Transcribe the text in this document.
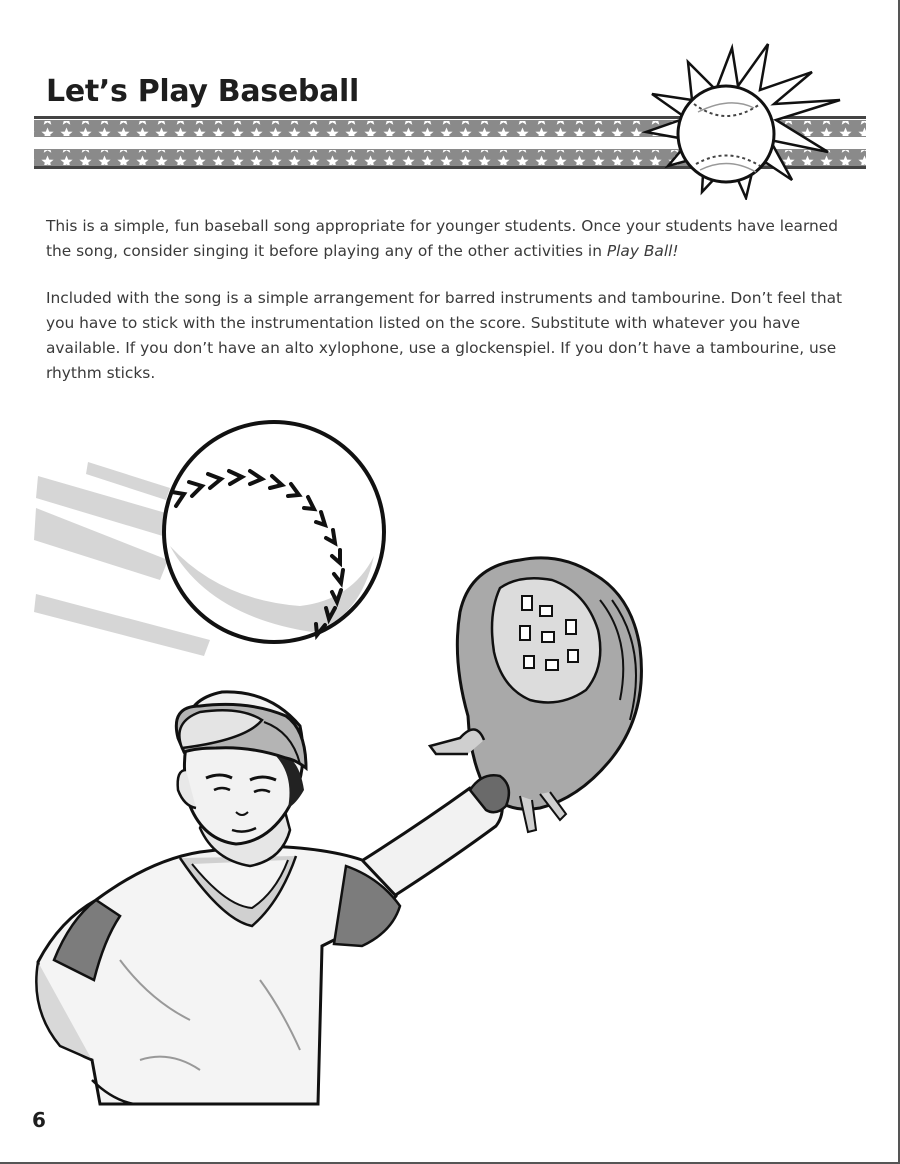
Let’s Play Baseball

This is a simple, fun baseball song appropriate for younger students. Once your students have learned the song, consider singing it before playing any of the other activities in Play Ball!

Included with the song is a simple arrangement for barred instruments and tambourine. Don’t feel that you have to stick with the instrumentation listed on the score. Substitute with whatever you have available. If you don’t have an alto xylophone, use a glockenspiel. If you don’t have a tambourine, use rhythm sticks.

6
